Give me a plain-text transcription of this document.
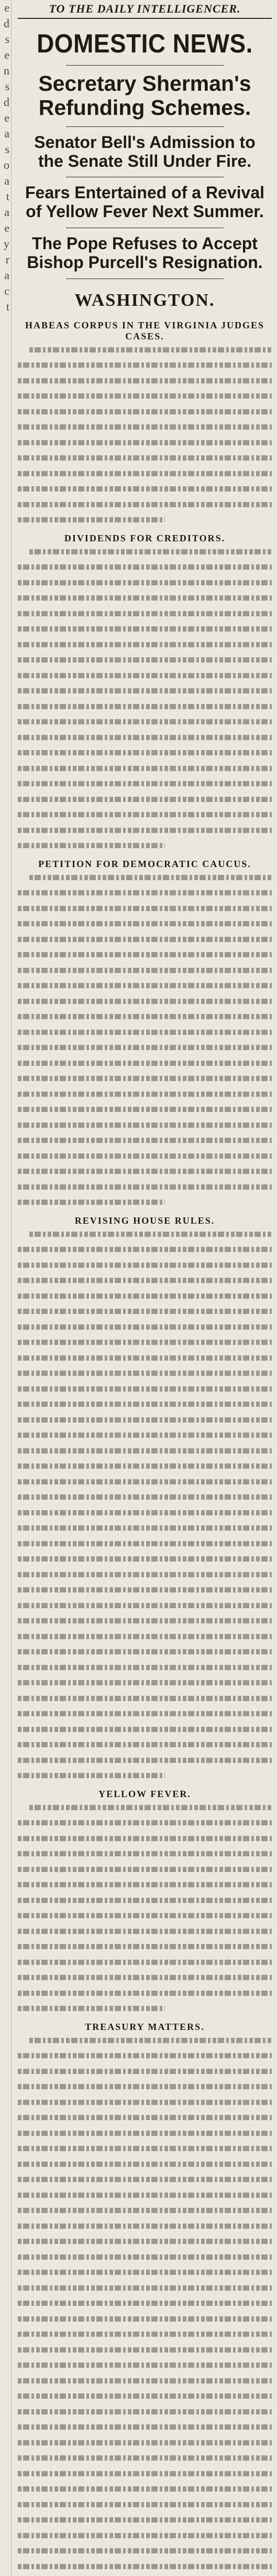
e
d
s
e
n
s
d
e
a
s
o
a
t
a
e
y
r
a
c
t
TO THE DAILY INTELLIGENCER.
DOMESTIC NEWS.
Secretary Sherman's Refunding Schemes.
Senator Bell's Admission to the Senate Still Under Fire.
Fears Entertained of a Revival of Yellow Fever Next Summer.
The Pope Refuses to Accept Bishop Purcell's Resignation.
WASHINGTON.
HABEAS CORPUS IN THE VIRGINIA JUDGES CASES.

DIVIDENDS FOR CREDITORS.

PETITION FOR DEMOCRATIC CAUCUS.

REVISING HOUSE RULES.

YELLOW FEVER.

TREASURY MATTERS.
